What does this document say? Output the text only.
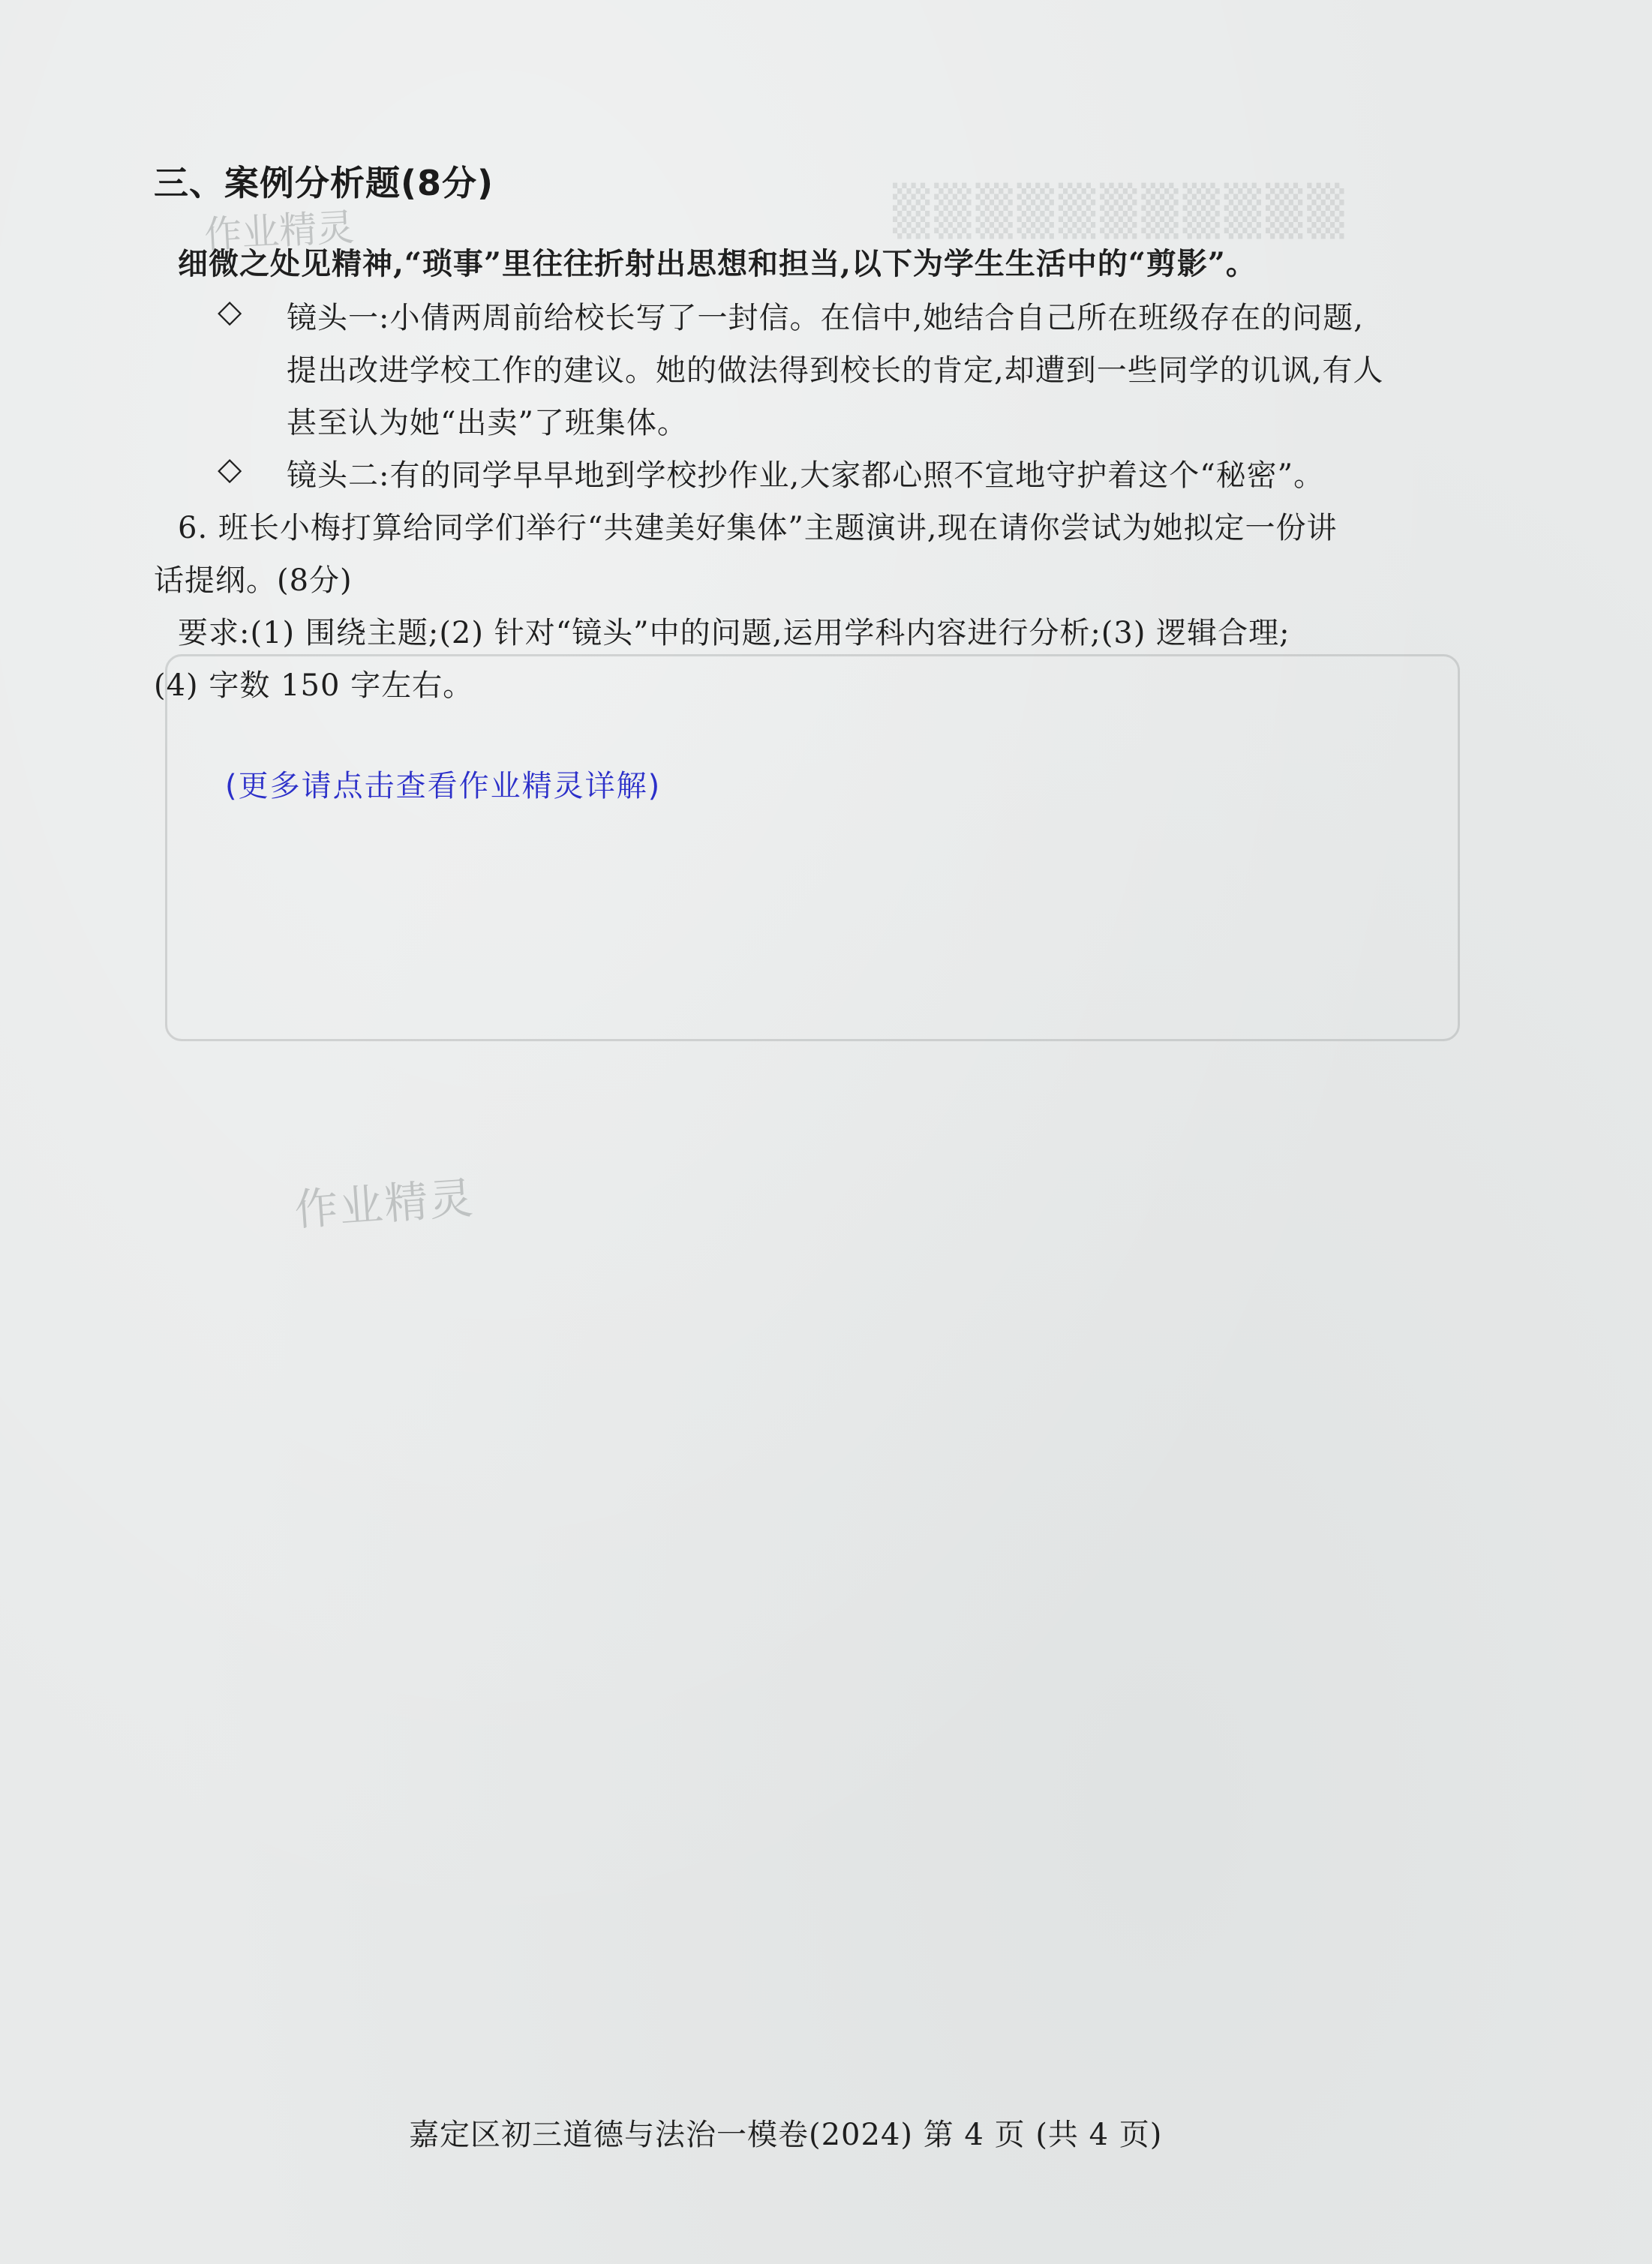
▒▒▒▒▒▒▒▒▒▒▒
作业精灵
三、案例分析题(8分)
细微之处见精神,“琐事”里往往折射出思想和担当,以下为学生生活中的“剪影”。
◇ 镜头一:小倩两周前给校长写了一封信。在信中,她结合自己所在班级存在的问题,
提出改进学校工作的建议。她的做法得到校长的肯定,却遭到一些同学的讥讽,有人
甚至认为她“出卖”了班集体。
◇ 镜头二:有的同学早早地到学校抄作业,大家都心照不宣地守护着这个“秘密”。
6. 班长小梅打算给同学们举行“共建美好集体”主题演讲,现在请你尝试为她拟定一份讲
话提纲。(8分)
要求:(1) 围绕主题;(2) 针对“镜头”中的问题,运用学科内容进行分析;(3) 逻辑合理;
(4) 字数 150 字左右。
(更多请点击查看作业精灵详解)
作业精灵
嘉定区初三道德与法治一模卷(2024) 第 4 页 (共 4 页)
